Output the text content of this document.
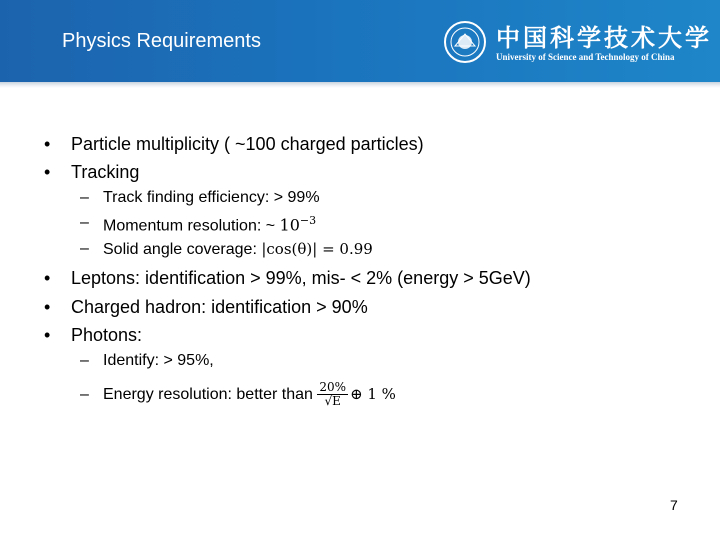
Physics Requirements	中国科学技术大学
University of Science and Technology of China
• Particle multiplicity ( ~100 charged particles)
• Tracking
– Track finding efficiency: > 99%
– Momentum resolution: ~ $10^{-3}$
– Solid angle coverage: |cos(θ)| = 0.99
• Leptons: identification > 99%, mis- < 2% (energy > 5GeV)
• Charged hadron: identification > 90%
• Photons:
– Identify: > 95%,
– Energy resolution: better than $\frac{20\%}{√E}$ ⊕ 1 %
7
